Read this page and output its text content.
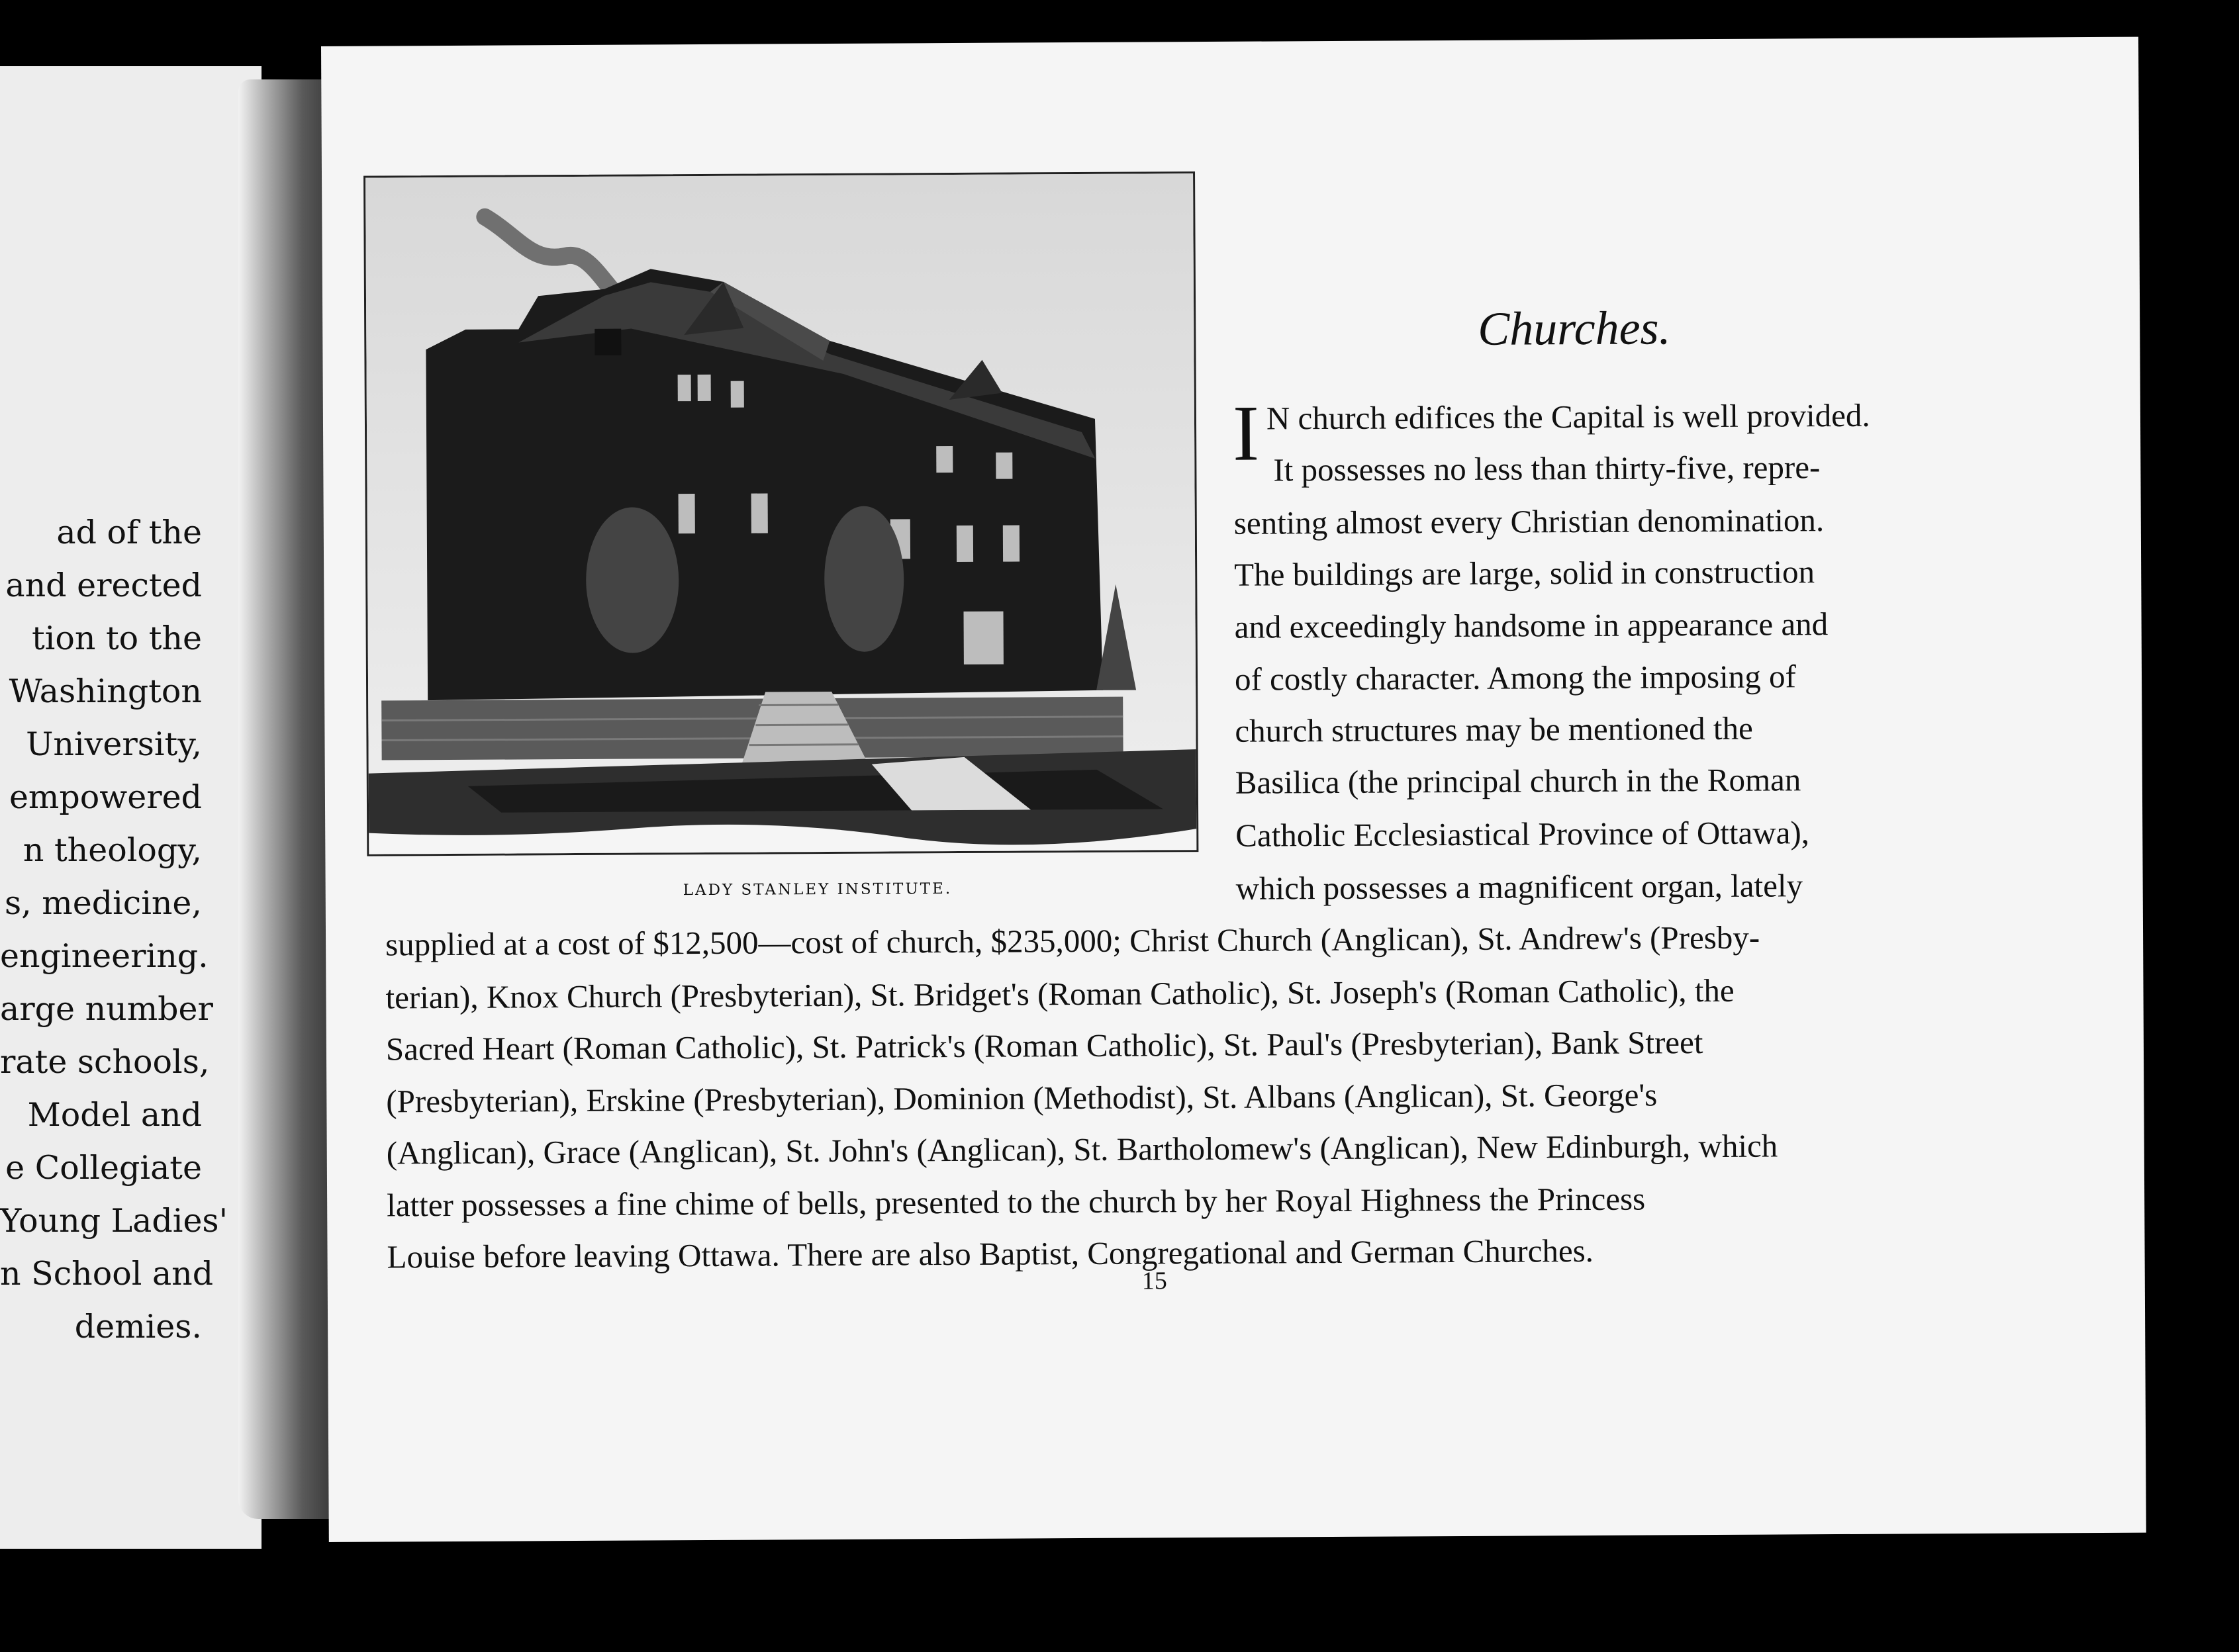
ad of the
and erected
tion to the
Washington
University,
empowered
n theology,
s, medicine,
engineering.
arge number
rate schools,
Model and
e Collegiate
Young Ladies'
n School and
demies.
LADY STANLEY INSTITUTE.
Churches.
I N church edifices the Capital is well provided.
It possesses no less than thirty-five, repre-
senting almost every Christian denomination.
The buildings are large, solid in construction
and exceedingly handsome in appearance and
of costly character. Among the imposing of
church structures may be mentioned the
Basilica (the principal church in the Roman
Catholic Ecclesiastical Province of Ottawa),
which possesses a magnificent organ, lately
supplied at a cost of $12,500—cost of church, $235,000; Christ Church (Anglican), St. Andrew's (Presby-
terian), Knox Church (Presbyterian), St. Bridget's (Roman Catholic), St. Joseph's (Roman Catholic), the
Sacred Heart (Roman Catholic), St. Patrick's (Roman Catholic), St. Paul's (Presbyterian), Bank Street
(Presbyterian), Erskine (Presbyterian), Dominion (Methodist), St. Albans (Anglican), St. George's
(Anglican), Grace (Anglican), St. John's (Anglican), St. Bartholomew's (Anglican), New Edinburgh, which
latter possesses a fine chime of bells, presented to the church by her Royal Highness the Princess
Louise before leaving Ottawa. There are also Baptist, Congregational and German Churches.
15
